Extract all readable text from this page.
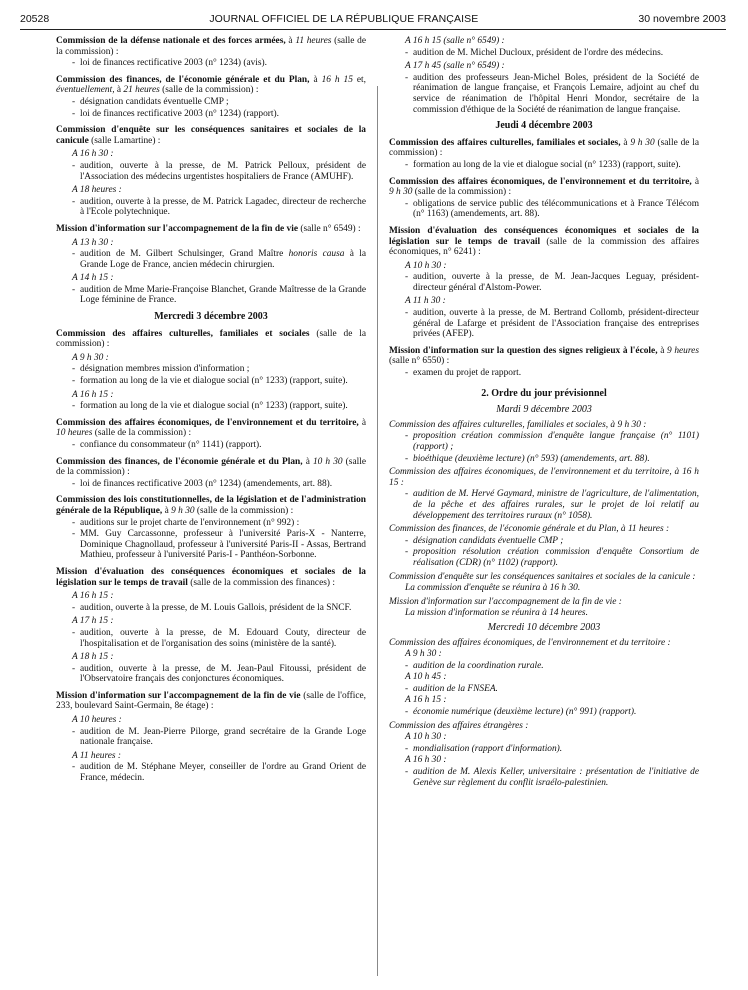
20528	JOURNAL OFFICIEL DE LA RÉPUBLIQUE FRANÇAISE	30 novembre 2003

Commission de la défense nationale et des forces armées, à 11 heures (salle de la commission) :

- loi de finances rectificative 2003 (n° 1234) (avis).

Commission des finances, de l'économie générale et du Plan, à 16 h 15 et, éventuellement, à 21 heures (salle de la commission) :

- désignation candidats éventuelle CMP ;
- loi de finances rectificative 2003 (n° 1234) (rapport).

Commission d'enquête sur les conséquences sanitaires et sociales de la canicule (salle Lamartine) :

A 16 h 30 :
- audition, ouverte à la presse, de M. Patrick Pelloux, président de l'Association des médecins urgentistes hospitaliers de France (AMUHF).
A 18 heures :
- audition, ouverte à la presse, de M. Patrick Lagadec, directeur de recherche à l'Ecole polytechnique.

Mission d'information sur l'accompagnement de la fin de vie (salle n° 6549) :

A 13 h 30 :
- audition de M. Gilbert Schulsinger, Grand Maître honoris causa à la Grande Loge de France, ancien médecin chirurgien.
A 14 h 15 :
- audition de Mme Marie-Françoise Blanchet, Grande Maîtresse de la Grande Loge féminine de France.
Mercredi 3 décembre 2003

Commission des affaires culturelles, familiales et sociales (salle de la commission) :

A 9 h 30 :
- désignation membres mission d'information ;
- formation au long de la vie et dialogue social (n° 1233) (rapport, suite).
A 16 h 15 :
- formation au long de la vie et dialogue social (n° 1233) (rapport, suite).

Commission des affaires économiques, de l'environnement et du territoire, à 10 heures (salle de la commission) :

- confiance du consommateur (n° 1141) (rapport).

Commission des finances, de l'économie générale et du Plan, à 10 h 30 (salle de la commission) :

- loi de finances rectificative 2003 (n° 1234) (amendements, art. 88).

Commission des lois constitutionnelles, de la législation et de l'administration générale de la République, à 9 h 30 (salle de la commission) :

- auditions sur le projet charte de l'environnement (n° 992) :
- MM. Guy Carcassonne, professeur à l'université Paris-X - Nanterre, Dominique Chagnollaud, professeur à l'université Paris-II - Assas, Bertrand Mathieu, professeur à l'université Paris-I - Panthéon-Sorbonne.

Mission d'évaluation des conséquences économiques et sociales de la législation sur le temps de travail (salle de la commission des finances) :

A 16 h 15 :
- audition, ouverte à la presse, de M. Louis Gallois, président de la SNCF.
A 17 h 15 :
- audition, ouverte à la presse, de M. Edouard Couty, directeur de l'hospitalisation et de l'organisation des soins (ministère de la santé).
A 18 h 15 :
- audition, ouverte à la presse, de M. Jean-Paul Fitoussi, président de l'Observatoire français des conjonctures économiques.

Mission d'information sur l'accompagnement de la fin de vie (salle de l'office, 233, boulevard Saint-Germain, 8e étage) :

A 10 heures :
- audition de M. Jean-Pierre Pilorge, grand secrétaire de la Grande Loge nationale française.
A 11 heures :
- audition de M. Stéphane Meyer, conseiller de l'ordre au Grand Orient de France, médecin.
A 16 h 15 (salle n° 6549) :
- audition de M. Michel Ducloux, président de l'ordre des médecins.
A 17 h 45 (salle n° 6549) :
- audition des professeurs Jean-Michel Boles, président de la Société de réanimation de langue française, et François Lemaire, adjoint au chef du service de réanimation de l'hôpital Henri Mondor, secrétaire de la commission d'éthique de la Société de réanimation de langue française.
Jeudi 4 décembre 2003

Commission des affaires culturelles, familiales et sociales, à 9 h 30 (salle de la commission) :

- formation au long de la vie et dialogue social (n° 1233) (rapport, suite).

Commission des affaires économiques, de l'environnement et du territoire, à 9 h 30 (salle de la commission) :

- obligations de service public des télécommunications et à France Télécom (n° 1163) (amendements, art. 88).

Mission d'évaluation des conséquences économiques et sociales de la législation sur le temps de travail (salle de la commission des affaires économiques, n° 6241) :

A 10 h 30 :
- audition, ouverte à la presse, de M. Jean-Jacques Leguay, président-directeur général d'Alstom-Power.
A 11 h 30 :
- audition, ouverte à la presse, de M. Bertrand Collomb, président-directeur général de Lafarge et président de l'Association française des entreprises privées (AFEP).

Mission d'information sur la question des signes religieux à l'école, à 9 heures (salle n° 6550) :

- examen du projet de rapport.
2. Ordre du jour prévisionnel
Mardi 9 décembre 2003

Commission des affaires culturelles, familiales et sociales, à 9 h 30 :

- proposition création commission d'enquête langue française (n° 1101) (rapport) ;
- bioéthique (deuxième lecture) (n° 593) (amendements, art. 88).

Commission des affaires économiques, de l'environnement et du territoire, à 16 h 15 :

- audition de M. Hervé Gaymard, ministre de l'agriculture, de l'alimentation, de la pêche et des affaires rurales, sur le projet de loi relatif au développement des territoires ruraux (n° 1058).

Commission des finances, de l'économie générale et du Plan, à 11 heures :

- désignation candidats éventuelle CMP ;
- proposition résolution création commission d'enquête Consortium de réalisation (CDR) (n° 1102) (rapport).

Commission d'enquête sur les conséquences sanitaires et sociales de la canicule :

La commission d'enquête se réunira à 16 h 30.

Mission d'information sur l'accompagnement de la fin de vie :

La mission d'information se réunira à 14 heures.
Mercredi 10 décembre 2003

Commission des affaires économiques, de l'environnement et du territoire :

A 9 h 30 :
- audition de la coordination rurale.
A 10 h 45 :
- audition de la FNSEA.
A 16 h 15 :
- économie numérique (deuxième lecture) (n° 991) (rapport).

Commission des affaires étrangères :

A 10 h 30 :
- mondialisation (rapport d'information).
A 16 h 30 :
- audition de M. Alexis Keller, universitaire : présentation de l'initiative de Genève sur règlement du conflit israélo-palestinien.
